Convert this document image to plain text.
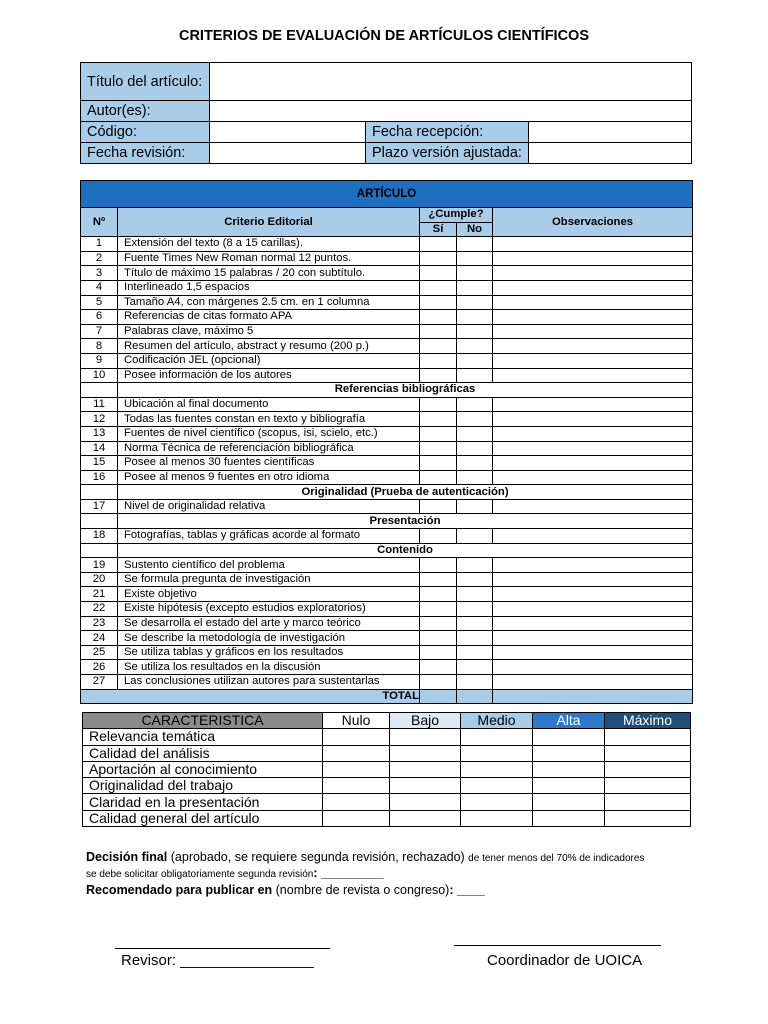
CRITERIOS DE EVALUACIÓN DE ARTÍCULOS CIENTÍFICOS
Título del artículo:			
Autor(es):			
Código:		Fecha recepción:	
Fecha revisión:		Plazo versión ajustada:	
ARTÍCULO				
Nº	Criterio Editorial	¿Cumple?		Observaciones
		Sí	No	
1	Extensión del texto (8 a 15 carillas).			
2	Fuente Times New Roman normal 12 puntos.			
3	Título de máximo 15 palabras / 20 con subtítulo.			
4	Interlineado 1,5 espacios			
5	Tamaño A4, con márgenes 2.5 cm. en 1 columna			
6	Referencias de citas formato APA			
7	Palabras clave, máximo 5			
8	Resumen del artículo, abstract y resumo (200 p.)			
9	Codificación JEL (opcional)			
10	Posee información de los autores			
	Referencias bibliográficas			
11	Ubicación al final documento			
12	Todas las fuentes constan en texto y bibliografía			
13	Fuentes de nivel científico (scopus, isi, scielo, etc.)			
14	Norma Técnica de referenciación bibliográfica			
15	Posee al menos 30 fuentes científicas			
16	Posee al menos 9 fuentes en otro idioma			
	Originalidad (Prueba de autenticación)			
17	Nivel de originalidad relativa			
	Presentación			
18	Fotografías, tablas y gráficas acorde al formato			
	Contenido			
19	Sustento científico del problema			
20	Se formula pregunta de investigación			
21	Existe objetivo			
22	Existe hipótesis (excepto estudios exploratorios)			
23	Se desarrolla el estado del arte y marco teórico			
24	Se describe la metodología de investigación			
25	Se utiliza tablas y gráficos en los resultados			
26	Se utiliza los resultados en la discusión			
27	Las conclusiones utilizan autores para sustentarlas			
TOTAL				
CARACTERISTICA	Nulo	Bajo	Medio	Alta	Máximo
Relevancia temática					
Calidad del análisis					
Aportación al conocimiento					
Originalidad del trabajo					
Claridad en la presentación					
Calidad general del artículo					
Decisión final (aprobado, se requiere segunda revisión, rechazado) de tener menos del 70% de indicadores
se debe solicitar obligatoriamente segunda revisión: _________
Recomendado para publicar en (nombre de revista o congreso): ____
Revisor: ________________	Coordinador de UOICA
